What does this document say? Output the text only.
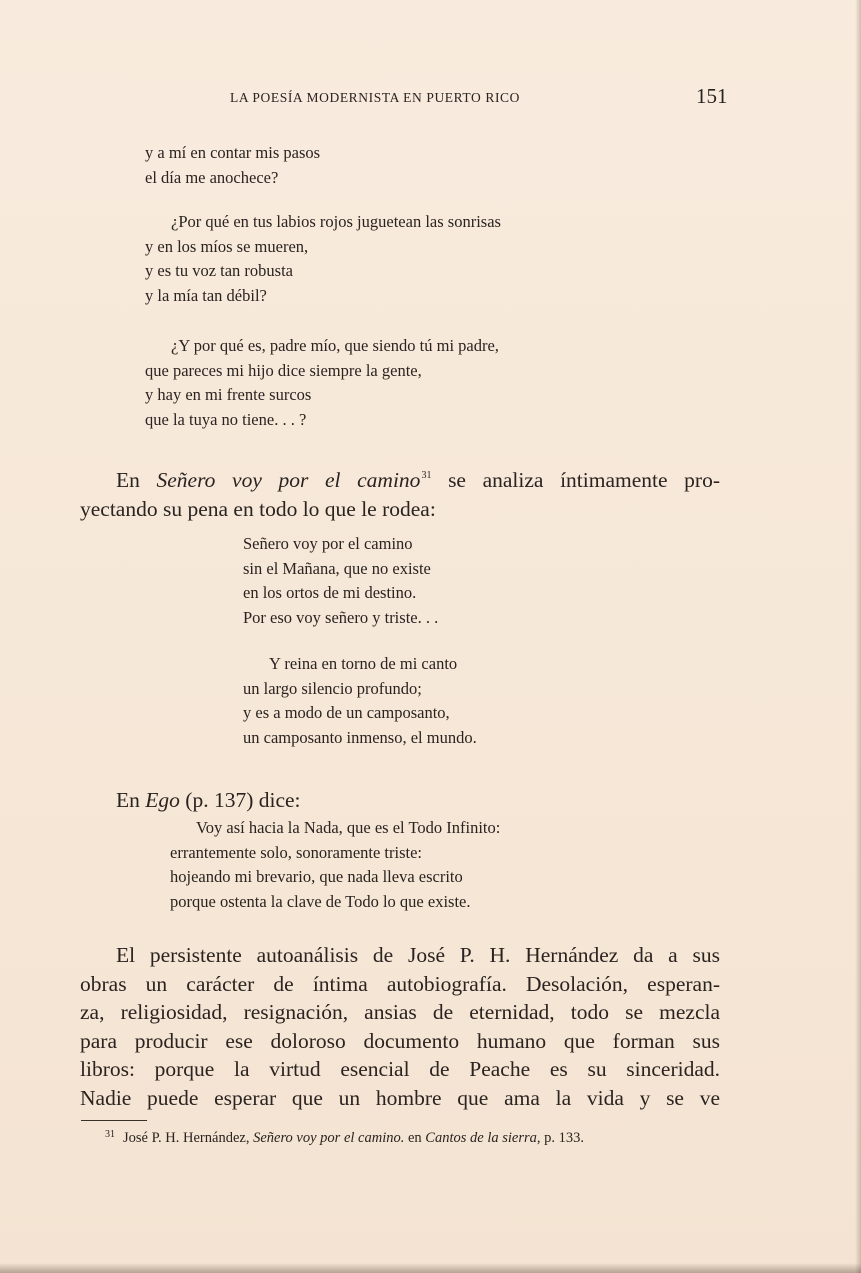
LA POESÍA MODERNISTA EN PUERTO RICO	151
y a mí en contar mis pasos
el día me anochece?
¿Por qué en tus labios rojos juguetean las sonrisas
y en los míos se mueren,
y es tu voz tan robusta
y la mía tan débil?
¿Y por qué es, padre mío, que siendo tú mi padre,
que pareces mi hijo dice siempre la gente,
y hay en mi frente surcos
que la tuya no tiene. . . ?
En Señero voy por el camino$^{31}$ se analiza íntimamente pro-
yectando su pena en todo lo que le rodea:
Señero voy por el camino
sin el Mañana, que no existe
en los ortos de mi destino.
Por eso voy señero y triste. . .
Y reina en torno de mi canto
un largo silencio profundo;
y es a modo de un camposanto,
un camposanto inmenso, el mundo.
En Ego (p. 137) dice:
Voy así hacia la Nada, que es el Todo Infinito:
errantemente solo, sonoramente triste:
hojeando mi brevario, que nada lleva escrito
porque ostenta la clave de Todo lo que existe.
El persistente autoanálisis de José P. H. Hernández da a sus
obras un carácter de íntima autobiografía. Desolación, esperan-
za, religiosidad, resignación, ansias de eternidad, todo se mezcla
para producir ese doloroso documento humano que forman sus
libros: porque la virtud esencial de Peache es su sinceridad.
Nadie puede esperar que un hombre que ama la vida y se ve
$^{31}$ José P. H. Hernández, Señero voy por el camino. en Cantos de la sierra, p. 133.
